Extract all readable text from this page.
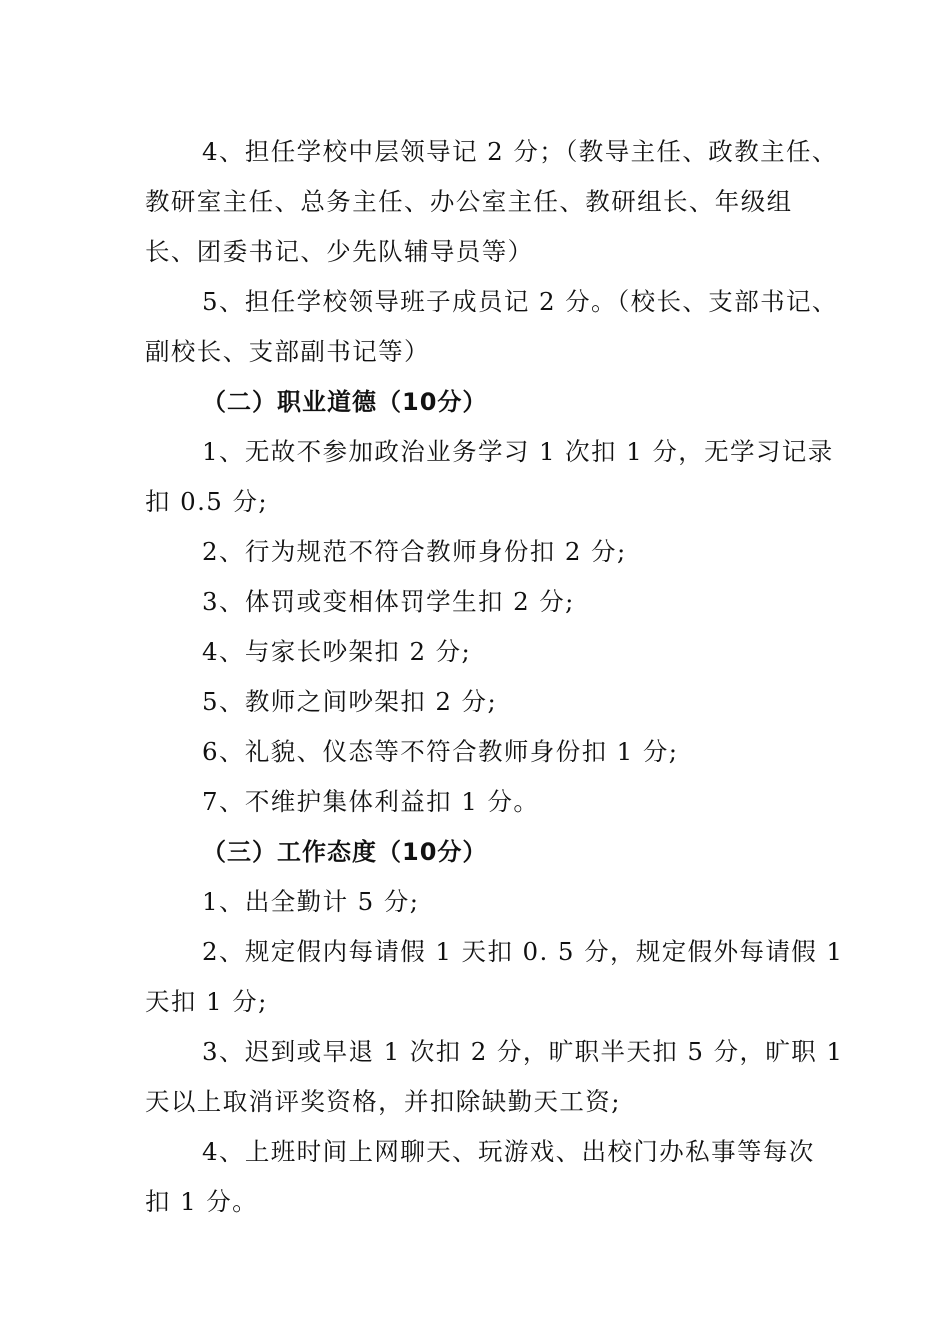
4、担任学校中层领导记 2 分；（教导主任、政教主任、
教研室主任、总务主任、办公室主任、教研组长、年级组
长、团委书记、少先队辅导员等）
5、担任学校领导班子成员记 2 分。（校长、支部书记、
副校长、支部副书记等）
（二）职业道德（10分）
1、无故不参加政治业务学习 1 次扣 1 分，无学习记录
扣 0.5 分;
2、行为规范不符合教师身份扣 2 分;
3、体罚或变相体罚学生扣 2 分;
4、与家长吵架扣 2 分;
5、教师之间吵架扣 2 分;
6、礼貌、仪态等不符合教师身份扣 1 分;
7、不维护集体利益扣 1 分。
（三）工作态度（10分）
1、出全勤计 5 分;
2、规定假内每请假 1 天扣 0. 5 分，规定假外每请假 1
天扣 1 分;
3、迟到或早退 1 次扣 2 分，旷职半天扣 5 分，旷职 1
天以上取消评奖资格，并扣除缺勤天工资;
4、上班时间上网聊天、玩游戏、出校门办私事等每次
扣 1 分。
